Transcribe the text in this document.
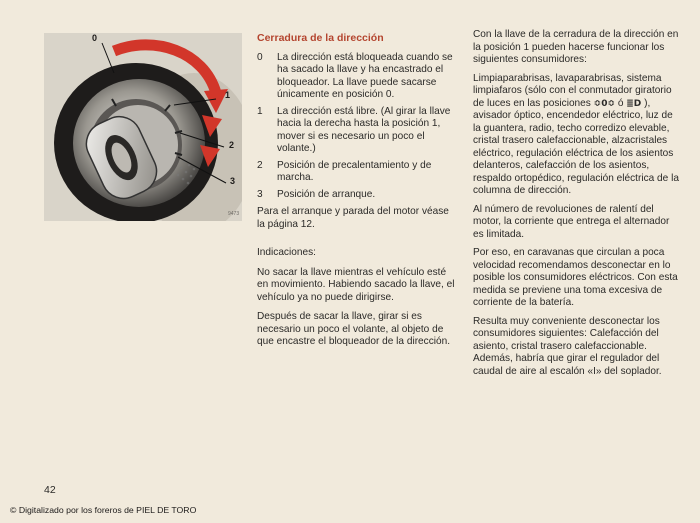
0
1
2
3
9473
Cerradura de la dirección
0	La dirección está bloqueada cuando se ha sacado la llave y ha encastrado el bloqueador. La llave puede sacarse únicamente en posición 0.
1	La dirección está libre. (Al girar la llave hacia la derecha hasta la posición 1, mover si es necesario un poco el volante.)
2	Posición de precalentamiento y de marcha.
3	Posición de arranque.

Para el arranque y parada del motor véase la página 12.

Indicaciones:

No sacar la llave mientras el vehículo esté en movimiento. Habiendo sacado la llave, el vehículo ya no puede dirigirse.

Después de sacar la llave, girar si es necesario un poco el volante, al objeto de que encastre el bloqueador de la dirección.

Con la llave de la cerradura de la dirección en la posición 1 pueden hacerse funcionar los siguientes consumidores:

Limpiaparabrisas, lavaparabrisas, sistema limpiafaros (sólo con el conmutador giratorio de luces en las posiciones ≎0≎ ó ≣D ), avisador óptico, encendedor eléctrico, luz de la guantera, radio, techo corredizo elevable, cristal trasero calefaccionable, alzacristales eléctrico, regulación eléctrica de los asientos delanteros, calefacción de los asientos, respaldo ortopédico, regulación eléctrica de la columna de dirección.

Al número de revoluciones de ralentí del motor, la corriente que entrega el alternador es limitada.

Por eso, en caravanas que circulan a poca velocidad recomendamos desconectar en lo posible los consumidores eléctricos. Con esta medida se previene una toma excesiva de corriente de la batería.

Resulta muy conveniente desconectar los consumidores siguientes: Calefacción del asiento, cristal trasero calefaccionable. Además, habría que girar el regulador del caudal de aire al escalón «I» del soplador.

42
© Digitalizado por los foreros de PIEL DE TORO
